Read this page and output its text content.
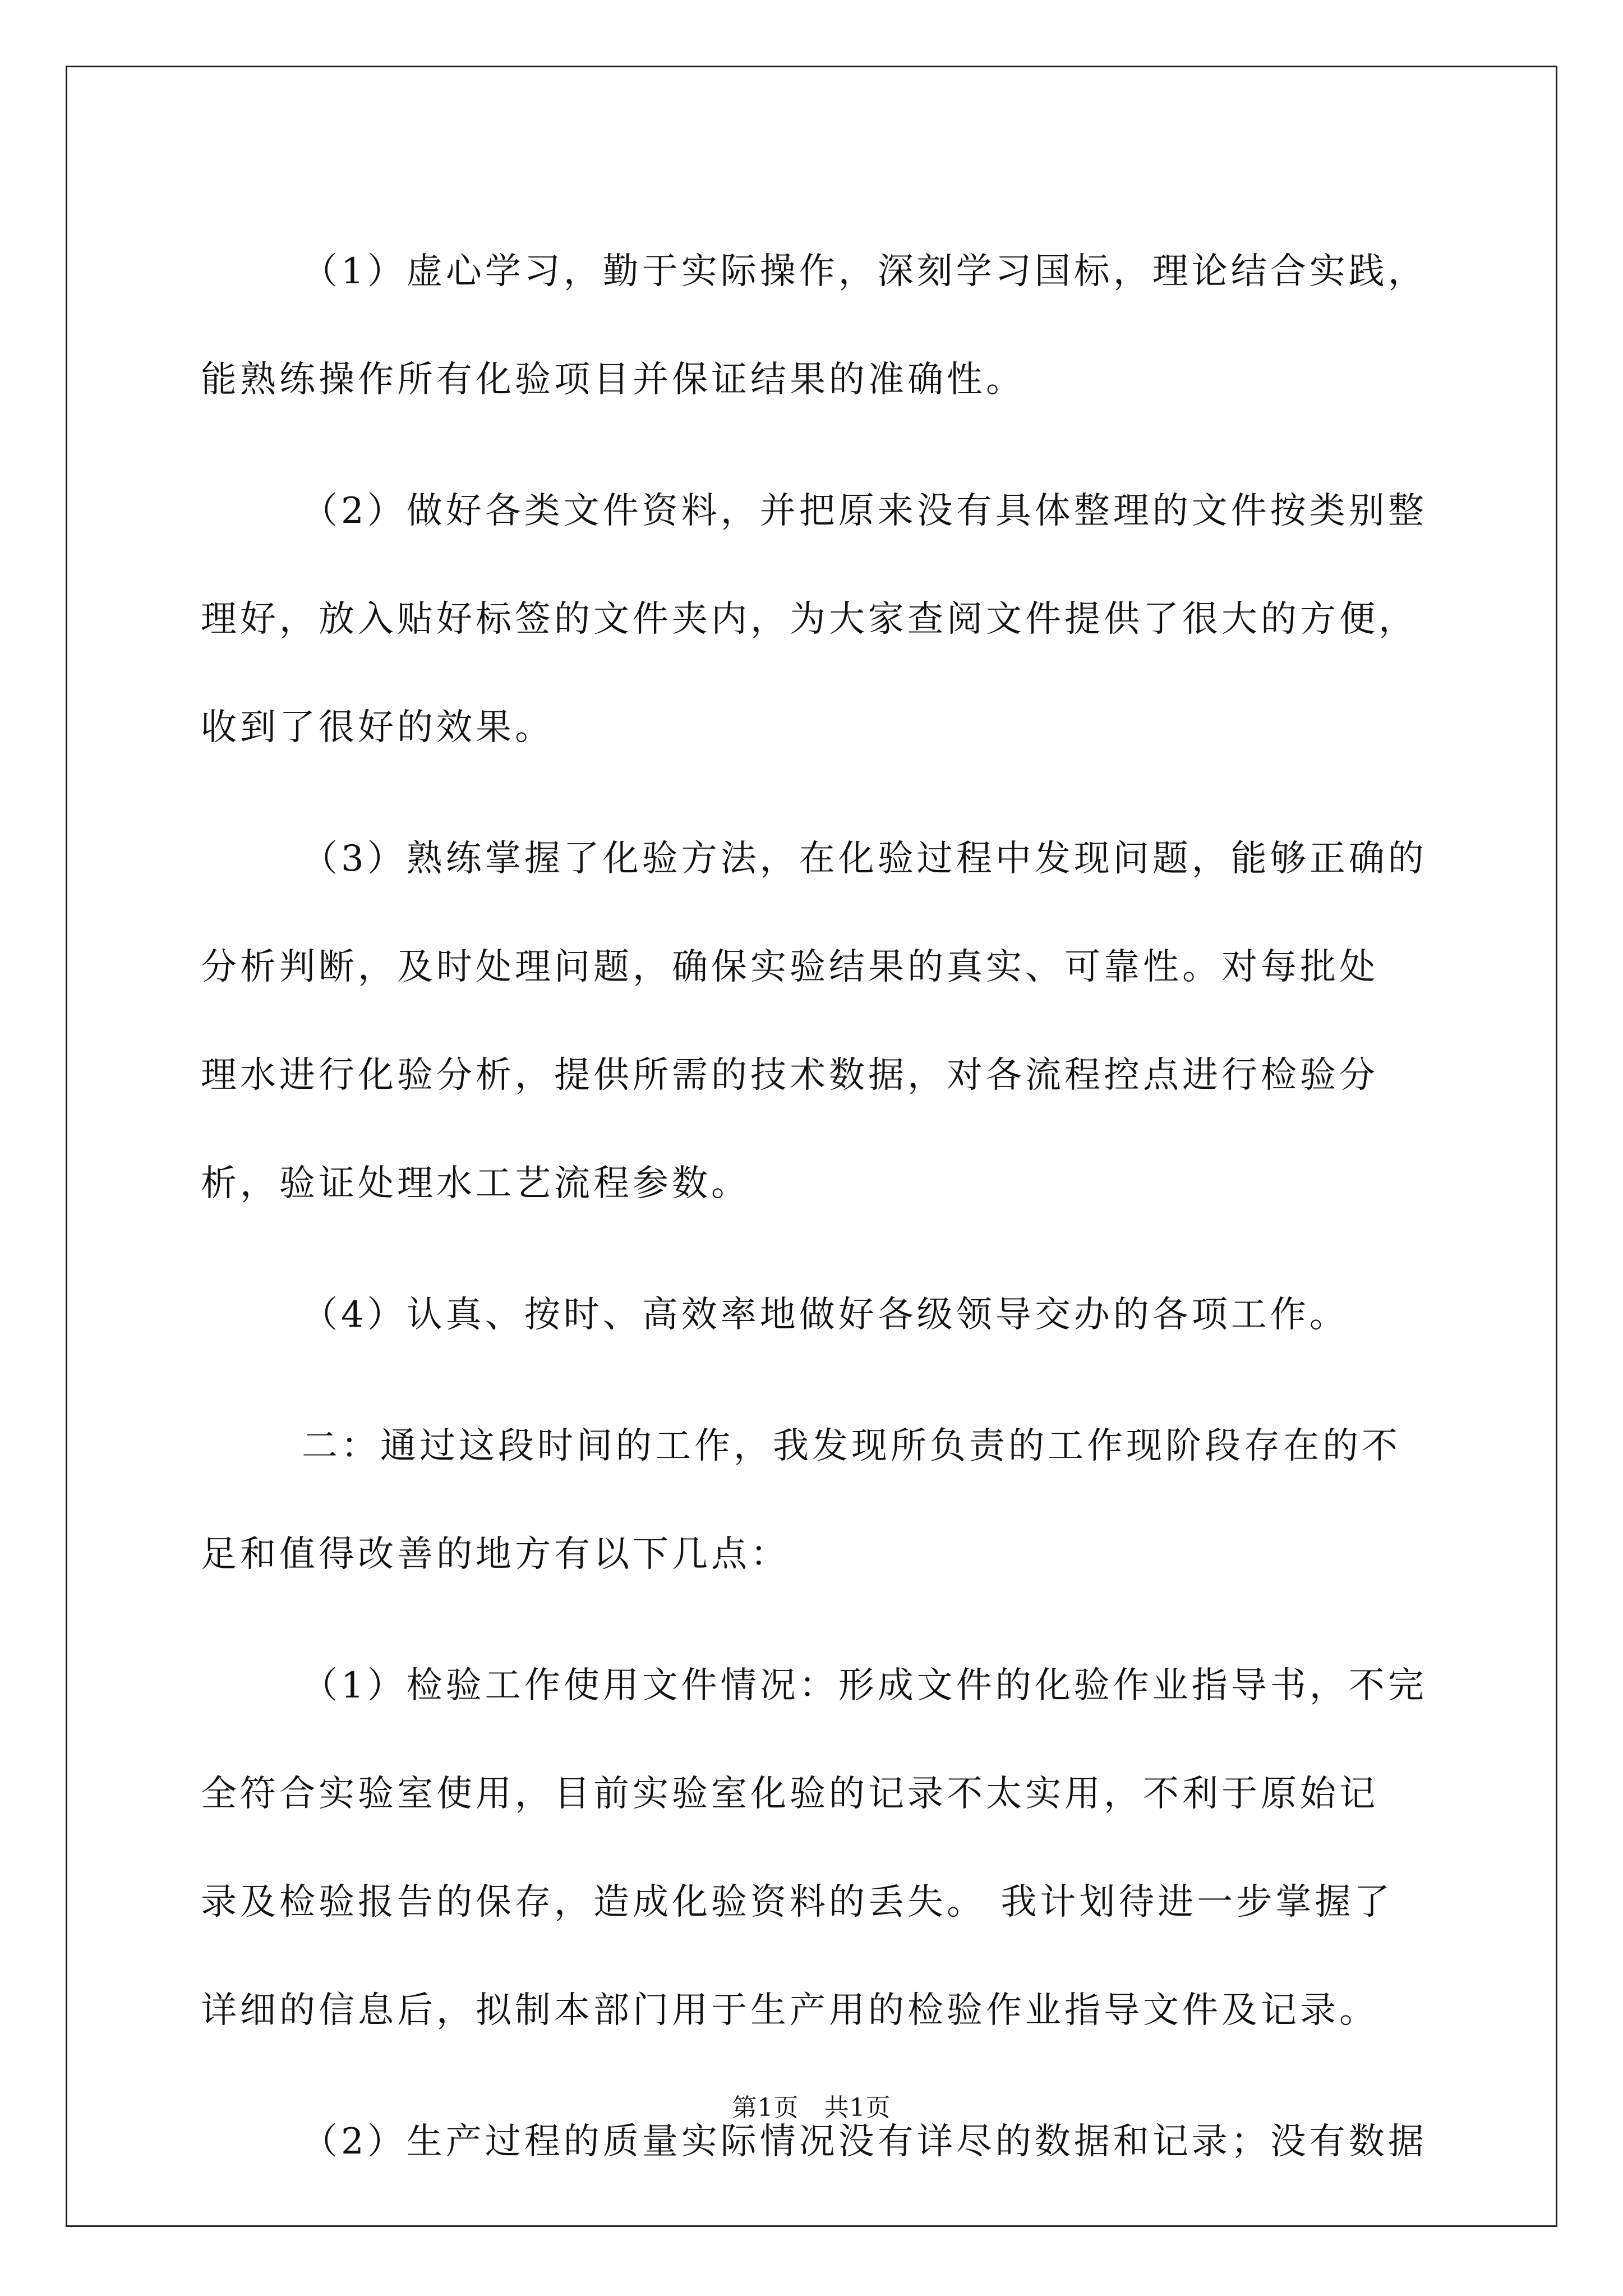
（1）虚心学习，勤于实际操作，深刻学习国标，理论结合实践，
能熟练操作所有化验项目并保证结果的准确性。

（2）做好各类文件资料，并把原来没有具体整理的文件按类别整
理好，放入贴好标签的文件夹内，为大家查阅文件提供了很大的方便，
收到了很好的效果。

（3）熟练掌握了化验方法，在化验过程中发现问题，能够正确的
分析判断，及时处理问题，确保实验结果的真实、可靠性。对每批处
理水进行化验分析，提供所需的技术数据，对各流程控点进行检验分
析，验证处理水工艺流程参数。

（4）认真、按时、高效率地做好各级领导交办的各项工作。

二：通过这段时间的工作，我发现所负责的工作现阶段存在的不
足和值得改善的地方有以下几点：

（1）检验工作使用文件情况：形成文件的化验作业指导书，不完
全符合实验室使用，目前实验室化验的记录不太实用，不利于原始记
录及检验报告的保存，造成化验资料的丢失。 我计划待进一步掌握了
详细的信息后，拟制本部门用于生产用的检验作业指导文件及记录。

（2）生产过程的质量实际情况没有详尽的数据和记录；没有数据

第1页　共1页
